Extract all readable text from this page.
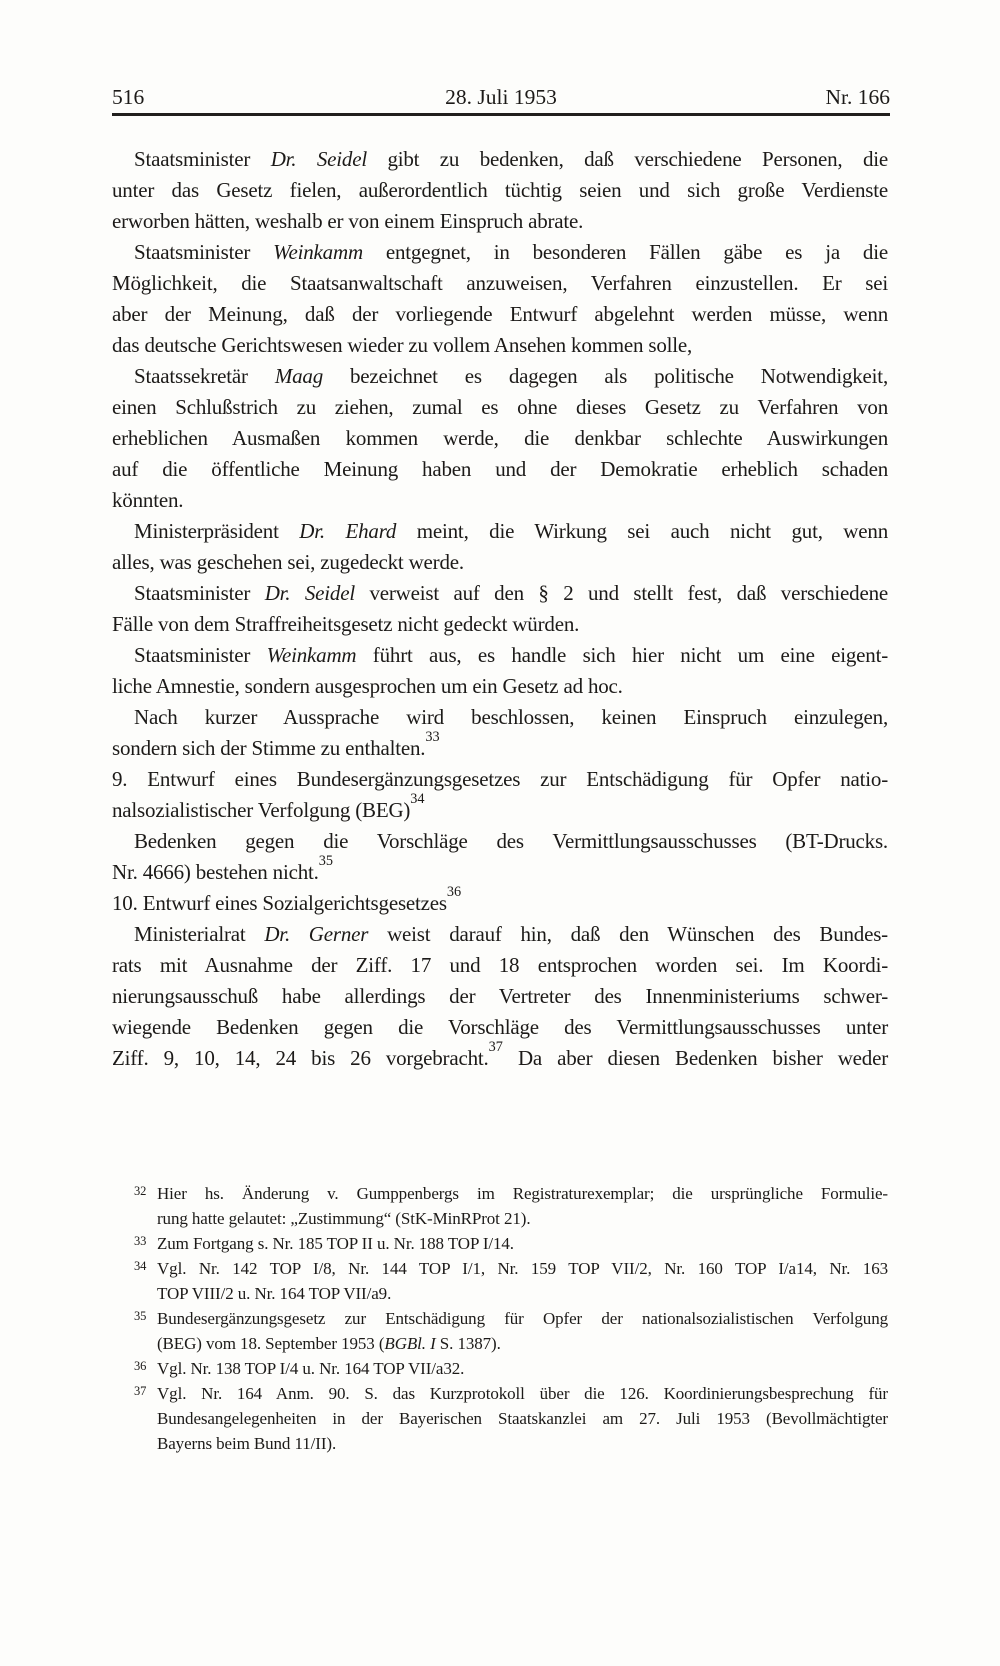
516	28. Juli 1953	Nr. 166
Staatsminister Dr. Seidel gibt zu bedenken, daß verschiedene Personen, die
unter das Gesetz fielen, außerordentlich tüchtig seien und sich große Verdienste
erworben hätten, weshalb er von einem Einspruch abrate.
Staatsminister Weinkamm entgegnet, in besonderen Fällen gäbe es ja die
Möglichkeit, die Staatsanwaltschaft anzuweisen, Verfahren einzustellen. Er sei
aber der Meinung, daß der vorliegende Entwurf abgelehnt werden müsse, wenn
das deutsche Gerichtswesen wieder zu vollem Ansehen kommen solle,
Staatssekretär Maag bezeichnet es dagegen als politische Notwendigkeit,
einen Schlußstrich zu ziehen, zumal es ohne dieses Gesetz zu Verfahren von
erheblichen Ausmaßen kommen werde, die denkbar schlechte Auswirkungen
auf die öffentliche Meinung haben und der Demokratie erheblich schaden
könnten.
Ministerpräsident Dr. Ehard meint, die Wirkung sei auch nicht gut, wenn
alles, was geschehen sei, zugedeckt werde.
Staatsminister Dr. Seidel verweist auf den § 2 und stellt fest, daß verschiedene
Fälle von dem Straffreiheitsgesetz nicht gedeckt würden.
Staatsminister Weinkamm führt aus, es handle sich hier nicht um eine eigent-
liche Amnestie, sondern ausgesprochen um ein Gesetz ad hoc.
Nach kurzer Aussprache wird beschlossen, keinen Einspruch einzulegen,
sondern sich der Stimme zu enthalten.$^{33}$
9. Entwurf eines Bundesergänzungsgesetzes zur Entschädigung für Opfer natio-
nalsozialistischer Verfolgung (BEG)$^{34}$
Bedenken gegen die Vorschläge des Vermittlungsausschusses (BT-Drucks.
Nr. 4666) bestehen nicht.$^{35}$
10. Entwurf eines Sozialgerichtsgesetzes$^{36}$
Ministerialrat Dr. Gerner weist darauf hin, daß den Wünschen des Bundes-
rats mit Ausnahme der Ziff. 17 und 18 entsprochen worden sei. Im Koordi-
nierungsausschuß habe allerdings der Vertreter des Innenministeriums schwer-
wiegende Bedenken gegen die Vorschläge des Vermittlungsausschusses unter
Ziff. 9, 10, 14, 24 bis 26 vorgebracht.$^{37}$ Da aber diesen Bedenken bisher weder
32 Hier hs. Änderung v. Gumppenbergs im Registraturexemplar; die ursprüngliche Formulie-
rung hatte gelautet: „Zustimmung“ (StK-MinRProt 21).
33 Zum Fortgang s. Nr. 185 TOP II u. Nr. 188 TOP I/14.
34 Vgl. Nr. 142 TOP I/8, Nr. 144 TOP I/1, Nr. 159 TOP VII/2, Nr. 160 TOP I/a14, Nr. 163
TOP VIII/2 u. Nr. 164 TOP VII/a9.
35 Bundesergänzungsgesetz zur Entschädigung für Opfer der nationalsozialistischen Verfolgung
(BEG) vom 18. September 1953 (BGBl. I S. 1387).
36 Vgl. Nr. 138 TOP I/4 u. Nr. 164 TOP VII/a32.
37 Vgl. Nr. 164 Anm. 90. S. das Kurzprotokoll über die 126. Koordinierungsbesprechung für
Bundesangelegenheiten in der Bayerischen Staatskanzlei am 27. Juli 1953 (Bevollmächtigter
Bayerns beim Bund 11/II).
